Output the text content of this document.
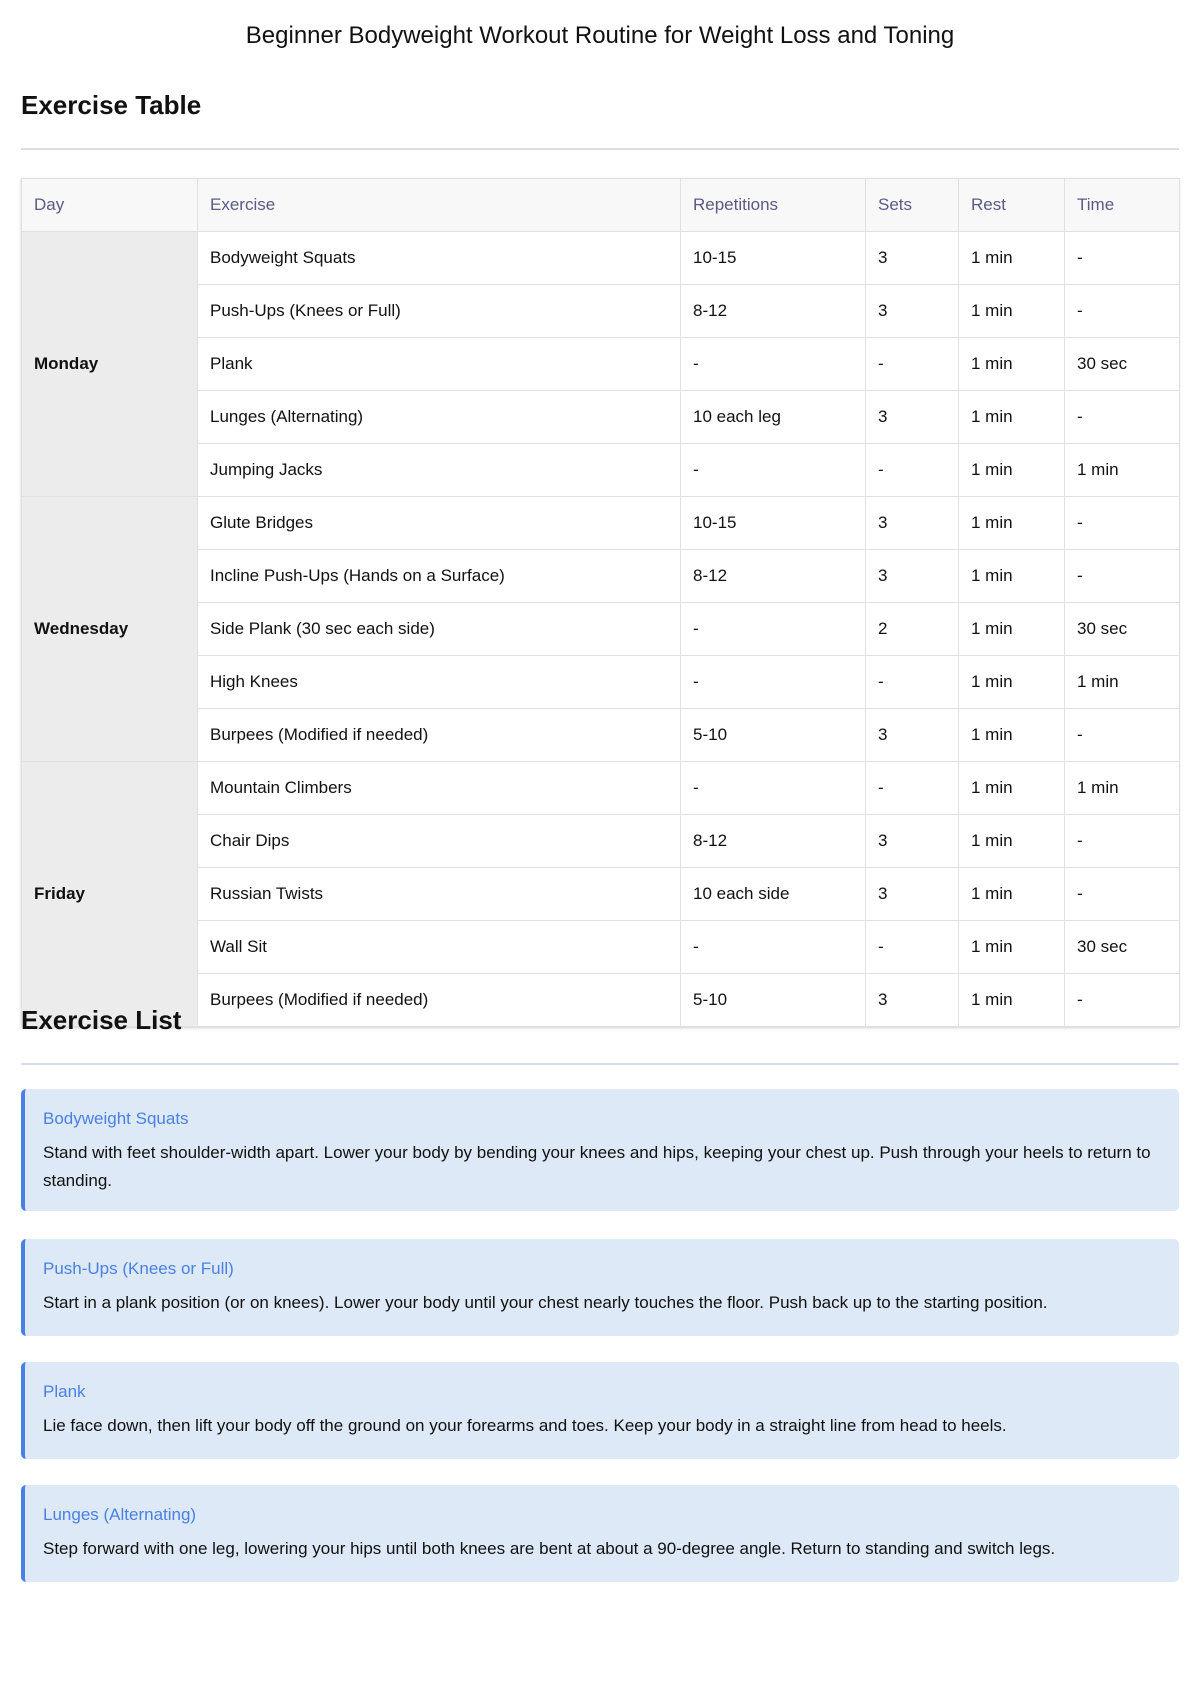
Beginner Bodyweight Workout Routine for Weight Loss and Toning
Exercise Table
Day	Exercise	Repetitions	Sets	Rest	Time
Monday	Bodyweight Squats	10-15	3	1 min	-
	Push-Ups (Knees or Full)	8-12	3	1 min	-
	Plank	-	-	1 min	30 sec
	Lunges (Alternating)	10 each leg	3	1 min	-
	Jumping Jacks	-	-	1 min	1 min
Wednesday	Glute Bridges	10-15	3	1 min	-
	Incline Push-Ups (Hands on a Surface)	8-12	3	1 min	-
	Side Plank (30 sec each side)	-	2	1 min	30 sec
	High Knees	-	-	1 min	1 min
	Burpees (Modified if needed)	5-10	3	1 min	-
Friday	Mountain Climbers	-	-	1 min	1 min
	Chair Dips	8-12	3	1 min	-
	Russian Twists	10 each side	3	1 min	-
	Wall Sit	-	-	1 min	30 sec
	Burpees (Modified if needed)	5-10	3	1 min	-
Exercise List
Bodyweight Squats

Stand with feet shoulder-width apart. Lower your body by bending your knees and hips, keeping your chest up. Push through your heels to return to standing.

Push-Ups (Knees or Full)

Start in a plank position (or on knees). Lower your body until your chest nearly touches the floor. Push back up to the starting position.

Plank

Lie face down, then lift your body off the ground on your forearms and toes. Keep your body in a straight line from head to heels.

Lunges (Alternating)

Step forward with one leg, lowering your hips until both knees are bent at about a 90-degree angle. Return to standing and switch legs.
